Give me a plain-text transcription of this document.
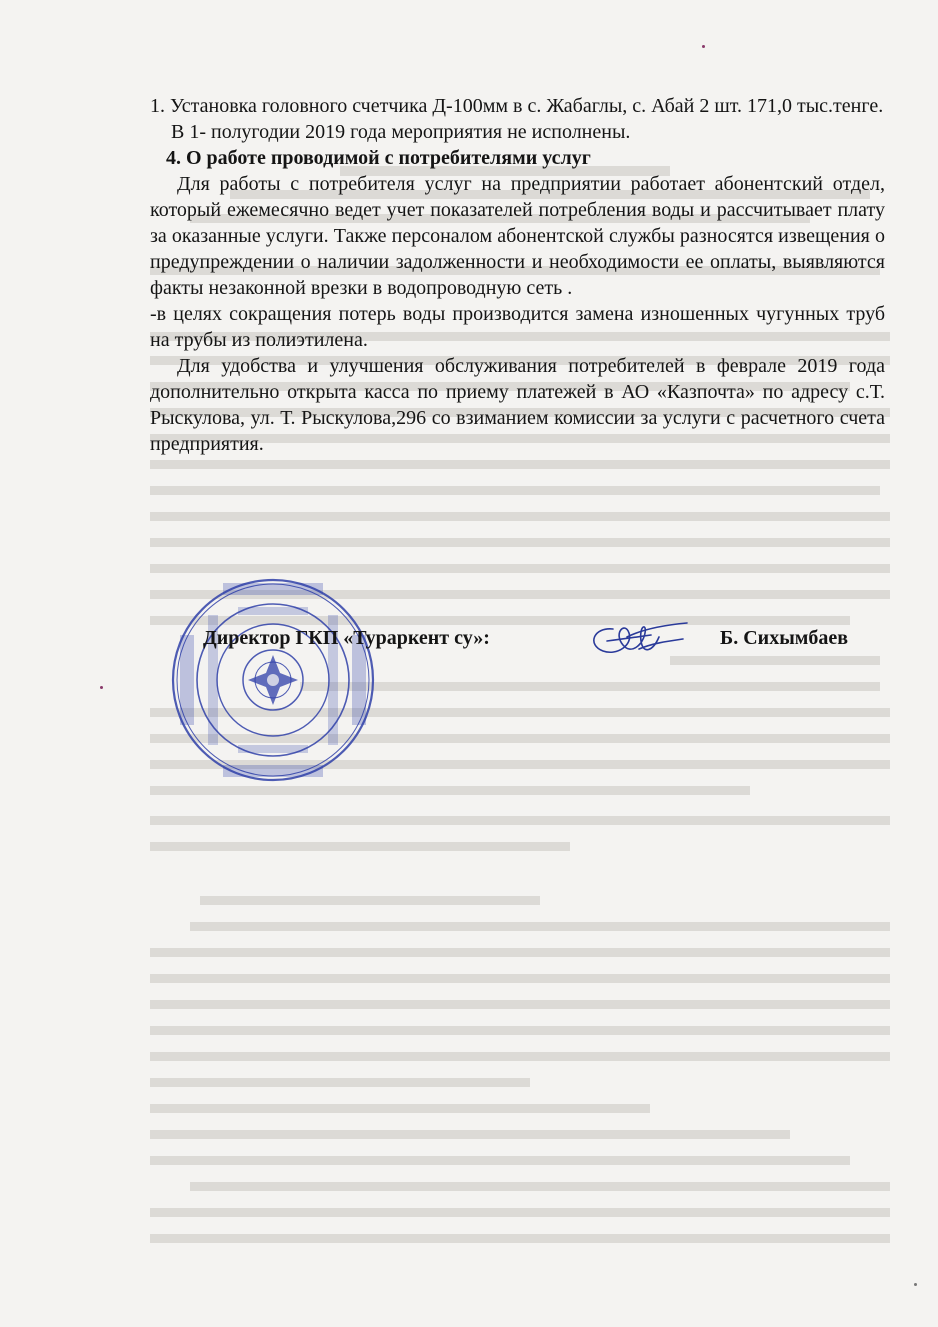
1. Установка головного счетчика Д-100мм в с. Жабаглы, с. Абай 2 шт. 171,0 тыс.тенге.

В 1- полугодии 2019 года мероприятия не исполнены.

4. О работе проводимой с потребителями услуг

Для работы с потребителя услуг на предприятии работает абонентский отдел, который ежемесячно ведет учет показателей потребления воды и рассчитывает плату за оказанные услуги. Также персоналом абонентской службы разносятся извещения о предупреждении о наличии задолженности и необходимости ее оплаты, выявляются факты незаконной врезки в водопроводную сеть .

-в целях сокращения потерь воды производится замена изношенных чугунных труб на трубы из полиэтилена.

Для удобства и улучшения обслуживания потребителей в феврале 2019 года дополнительно открыта касса по приему платежей в АО «Казпочта» по адресу с.Т. Рыскулова, ул. Т. Рыскулова,296 со взиманием комиссии за услуги с расчетного счета предприятия.

Директор ГКП «Тураркент су»:	Б. Сихымбаев
